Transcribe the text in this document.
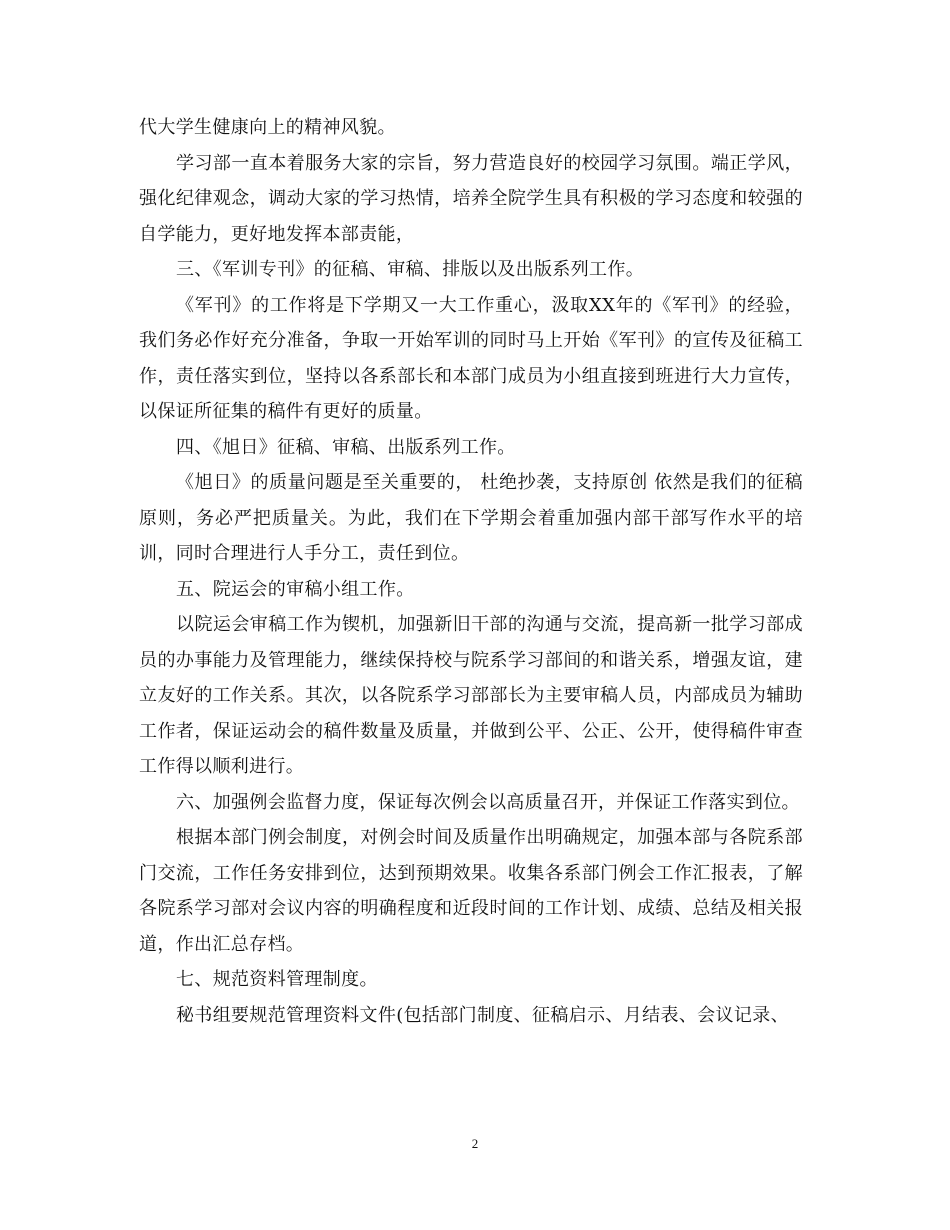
代大学生健康向上的精神风貌。

学习部一直本着服务大家的宗旨，努力营造良好的校园学习氛围。端正学风，强化纪律观念，调动大家的学习热情，培养全院学生具有积极的学习态度和较强的自学能力，更好地发挥本部责能，

三、《军训专刊》的征稿、审稿、排版以及出版系列工作。

《军刊》的工作将是下学期又一大工作重心，汲取XX年的《军刊》的经验，我们务必作好充分准备，争取一开始军训的同时马上开始《军刊》的宣传及征稿工作，责任落实到位，坚持以各系部长和本部门成员为小组直接到班进行大力宣传，以保证所征集的稿件有更好的质量。

四、《旭日》征稿、审稿、出版系列工作。

《旭日》的质量问题是至关重要的， 杜绝抄袭，支持原创 依然是我们的征稿原则，务必严把质量关。为此，我们在下学期会着重加强内部干部写作水平的培训，同时合理进行人手分工，责任到位。

五、院运会的审稿小组工作。

以院运会审稿工作为锲机，加强新旧干部的沟通与交流，提高新一批学习部成员的办事能力及管理能力，继续保持校与院系学习部间的和谐关系，增强友谊，建立友好的工作关系。其次，以各院系学习部部长为主要审稿人员，内部成员为辅助工作者，保证运动会的稿件数量及质量，并做到公平、公正、公开，使得稿件审查工作得以顺利进行。

六、加强例会监督力度，保证每次例会以高质量召开，并保证工作落实到位。

根据本部门例会制度，对例会时间及质量作出明确规定，加强本部与各院系部门交流，工作任务安排到位，达到预期效果。收集各系部门例会工作汇报表，了解各院系学习部对会议内容的明确程度和近段时间的工作计划、成绩、总结及相关报道，作出汇总存档。

七、规范资料管理制度。

秘书组要规范管理资料文件(包括部门制度、征稿启示、月结表、会议记录、

2
